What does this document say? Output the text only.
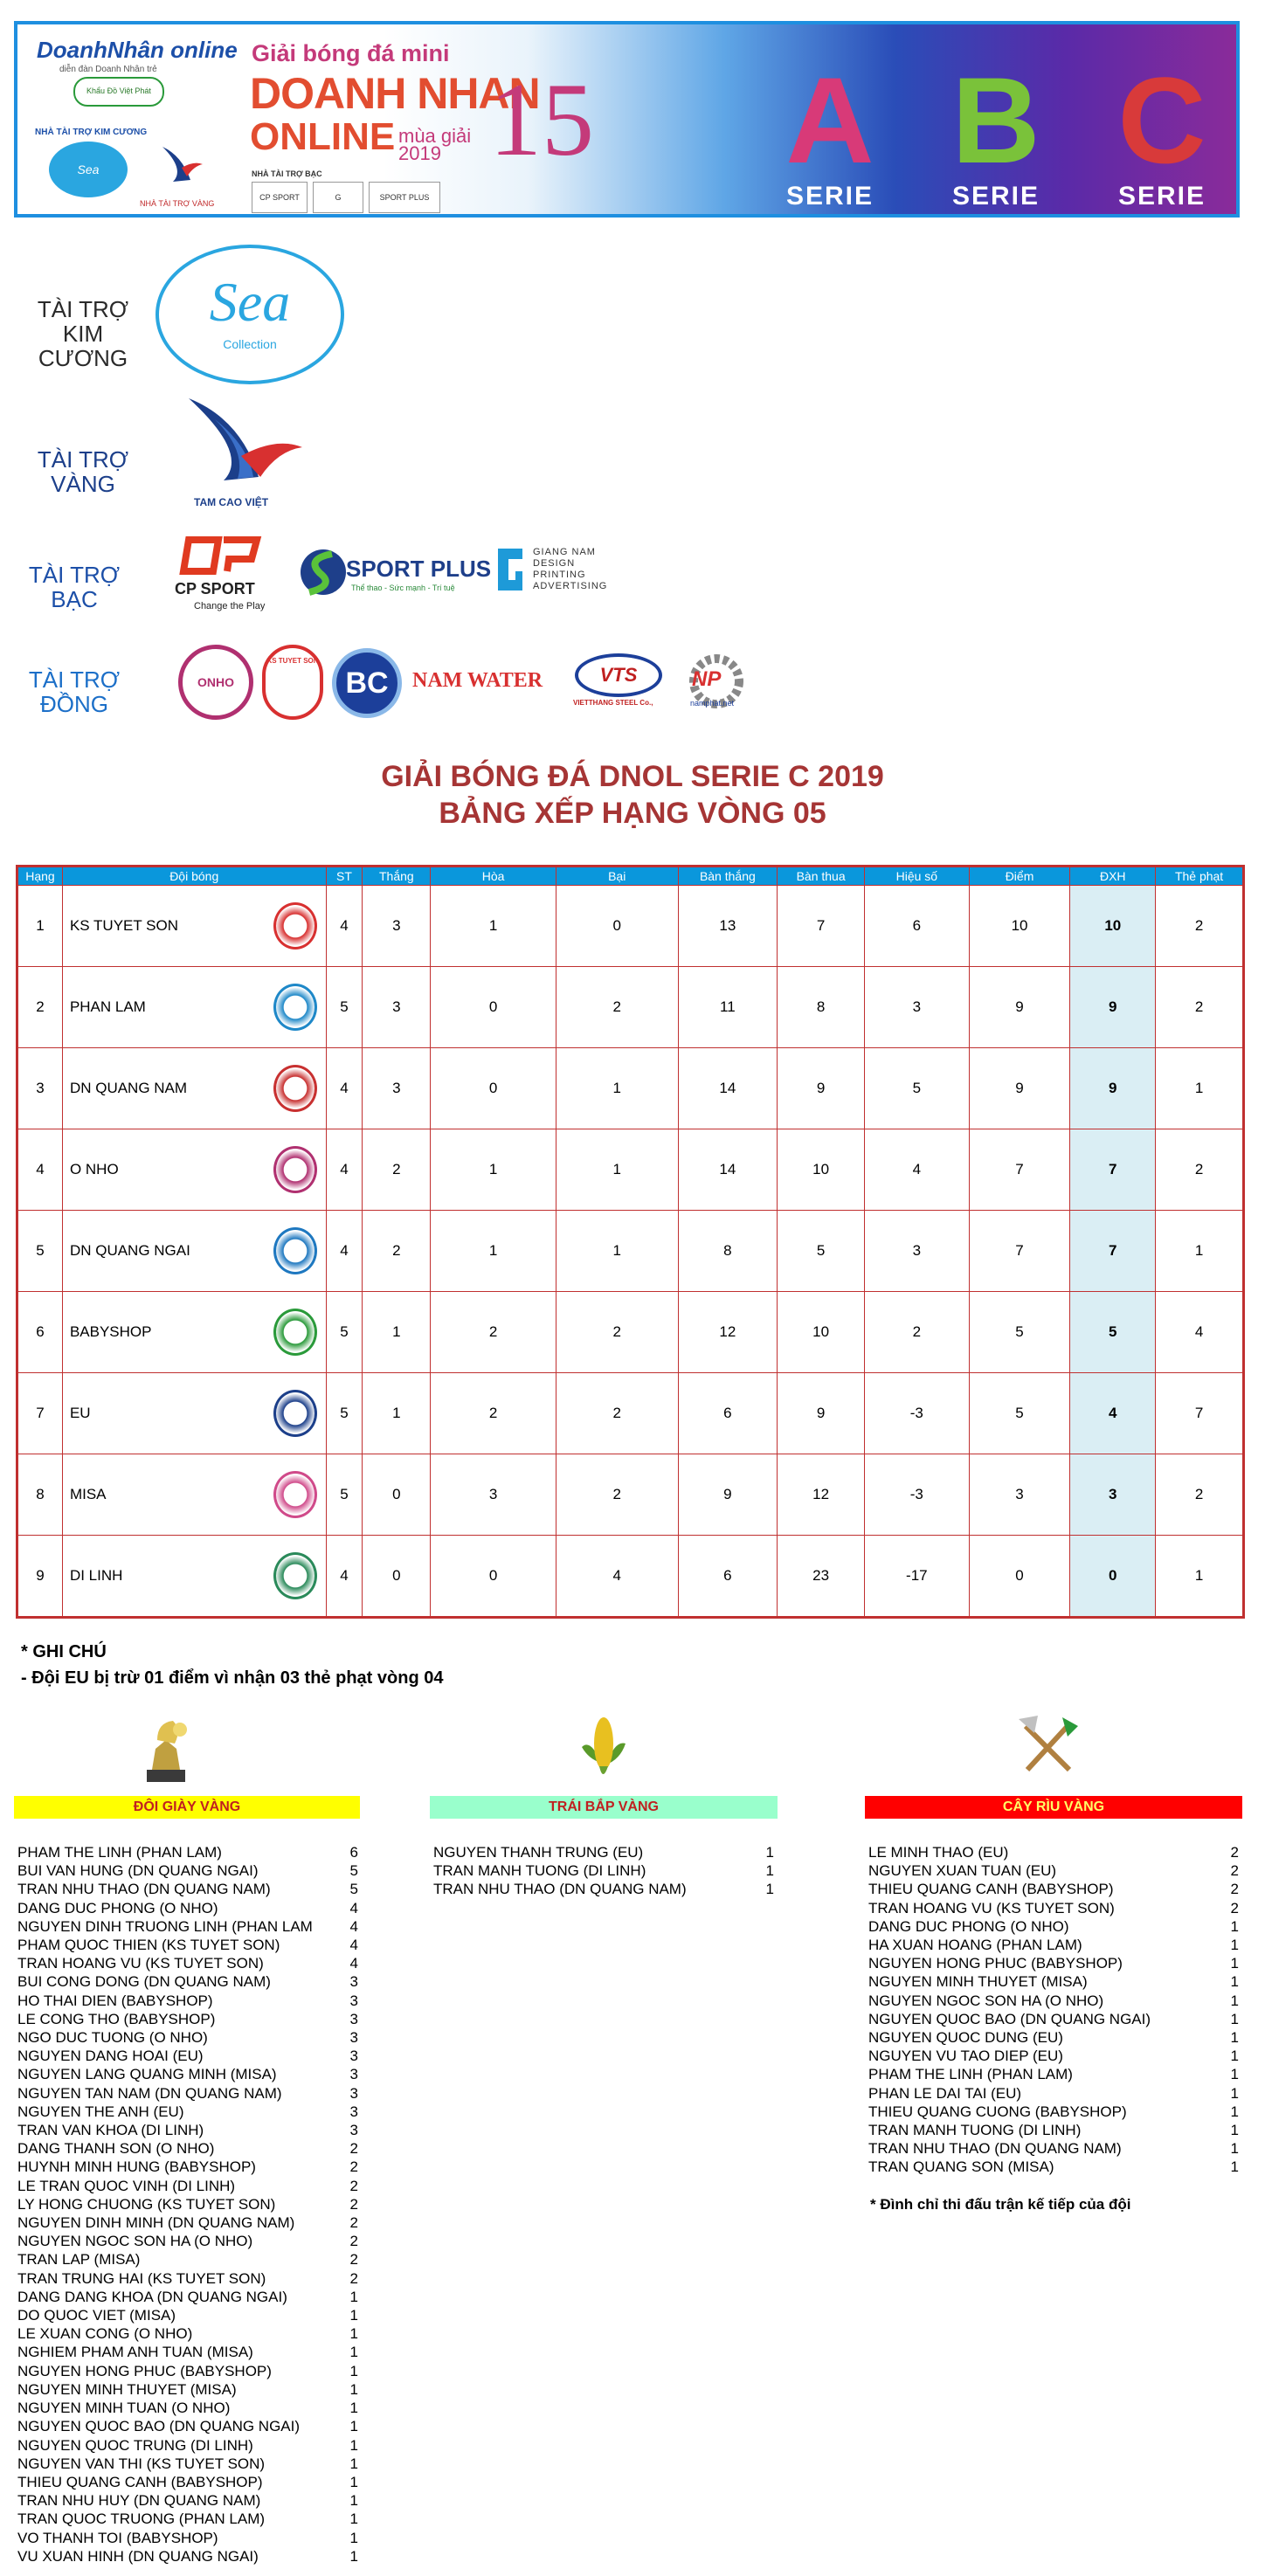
DoanhNhân online
diễn đàn Doanh Nhân trẻ
Khẩu Đồ Việt Phát
NHÀ TÀI TRỢ KIM CƯƠNG
Sea Collection
NHÀ TÀI TRỢ VÀNG
Giải bóng đá mini
DOANH NHAN
ONLINE mùa giải
2019 15
NHÀ TÀI TRỢ BẠC
CP SPORT	G	SPORT PLUS
A
SERIE
B
SERIE
C
SERIE
TÀI TRỢ
KIM CƯƠNG
Sea
Collection
TÀI TRỢ
VÀNG
TAM CAO VIỆT
TÀI TRỢ
BẠC	CP SPORT
Change the Play
SPORT PLUS
Thể thao - Sức mạnh - Trí tuệ
GIANG NAM
DESIGN
PRINTING
ADVERTISING
TÀI TRỢ
ĐỒNG
ONHO
KS TUYET SON
BC	NAM WATER	VTS
VIETTHANG STEEL Co.,
NP
namphat.net
GIẢI BÓNG ĐÁ DNOL SERIE C 2019
BẢNG XẾP HẠNG VÒNG 05
Hạng	Đội bóng	ST	Thắng	Hòa	Bại	Bàn thắng	Bàn thua	Hiệu số	Điểm	ĐXH	Thẻ phạt
1	KS TUYET SON	4	3	1	0	13	7	6	10	10	2
2	PHAN LAM	5	3	0	2	11	8	3	9	9	2
3	DN QUANG NAM	4	3	0	1	14	9	5	9	9	1
4	O NHO	4	2	1	1	14	10	4	7	7	2
5	DN QUANG NGAI	4	2	1	1	8	5	3	7	7	1
6	BABYSHOP	5	1	2	2	12	10	2	5	5	4
7	EU	5	1	2	2	6	9	-3	5	4	7
8	MISA	5	0	3	2	9	12	-3	3	3	2
9	DI LINH	4	0	0	4	6	23	-17	0	0	1
* GHI CHÚ
- Đội EU bị trừ 01 điểm vì nhận 03 thẻ phạt vòng 04
ĐÔI GIÀY VÀNG	TRÁI BẮP VÀNG	CÂY RÌU VÀNG
PHAM THE LINH (PHAN LAM)	6
BUI VAN HUNG (DN QUANG NGAI)	5
TRAN NHU THAO (DN QUANG NAM)	5
DANG DUC PHONG (O NHO)	4
NGUYEN DINH TRUONG LINH (PHAN LAM	4
PHAM QUOC THIEN (KS TUYET SON)	4
TRAN HOANG VU (KS TUYET SON)	4
BUI CONG DONG (DN QUANG NAM)	3
HO THAI DIEN (BABYSHOP)	3
LE CONG THO (BABYSHOP)	3
NGO DUC TUONG (O NHO)	3
NGUYEN DANG HOAI (EU)	3
NGUYEN LANG QUANG MINH (MISA)	3
NGUYEN TAN NAM (DN QUANG NAM)	3
NGUYEN THE ANH (EU)	3
TRAN VAN KHOA (DI LINH)	3
DANG THANH SON (O NHO)	2
HUYNH MINH HUNG (BABYSHOP)	2
LE TRAN QUOC VINH (DI LINH)	2
LY HONG CHUONG (KS TUYET SON)	2
NGUYEN DINH MINH (DN QUANG NAM)	2
NGUYEN NGOC SON HA (O NHO)	2
TRAN LAP (MISA)	2
TRAN TRUNG HAI (KS TUYET SON)	2
DANG DANG KHOA (DN QUANG NGAI)	1
DO QUOC VIET (MISA)	1
LE XUAN CONG (O NHO)	1
NGHIEM PHAM ANH TUAN (MISA)	1
NGUYEN HONG PHUC (BABYSHOP)	1
NGUYEN MINH THUYET (MISA)	1
NGUYEN MINH TUAN (O NHO)	1
NGUYEN QUOC BAO (DN QUANG NGAI)	1
NGUYEN QUOC TRUNG (DI LINH)	1
NGUYEN VAN THI (KS TUYET SON)	1
THIEU QUANG CANH (BABYSHOP)	1
TRAN NHU HUY (DN QUANG NAM)	1
TRAN QUOC TRUONG (PHAN LAM)	1
VO THANH TOI (BABYSHOP)	1
VU XUAN HINH (DN QUANG NGAI)	1
NGUYEN THANH TRUNG (EU)	1
TRAN MANH TUONG (DI LINH)	1
TRAN NHU THAO (DN QUANG NAM)	1
LE MINH THAO (EU)	2
NGUYEN XUAN TUAN (EU)	2
THIEU QUANG CANH (BABYSHOP)	2
TRAN HOANG VU (KS TUYET SON)	2
DANG DUC PHONG (O NHO)	1
HA XUAN HOANG (PHAN LAM)	1
NGUYEN HONG PHUC (BABYSHOP)	1
NGUYEN MINH THUYET (MISA)	1
NGUYEN NGOC SON HA (O NHO)	1
NGUYEN QUOC BAO (DN QUANG NGAI)	1
NGUYEN QUOC DUNG (EU)	1
NGUYEN VU TAO DIEP (EU)	1
PHAM THE LINH (PHAN LAM)	1
PHAN LE DAI TAI (EU)	1
THIEU QUANG CUONG (BABYSHOP)	1
TRAN MANH TUONG (DI LINH)	1
TRAN NHU THAO (DN QUANG NAM)	1
TRAN QUANG SON (MISA)	1
* Đình chỉ thi đấu trận kế tiếp của đội
